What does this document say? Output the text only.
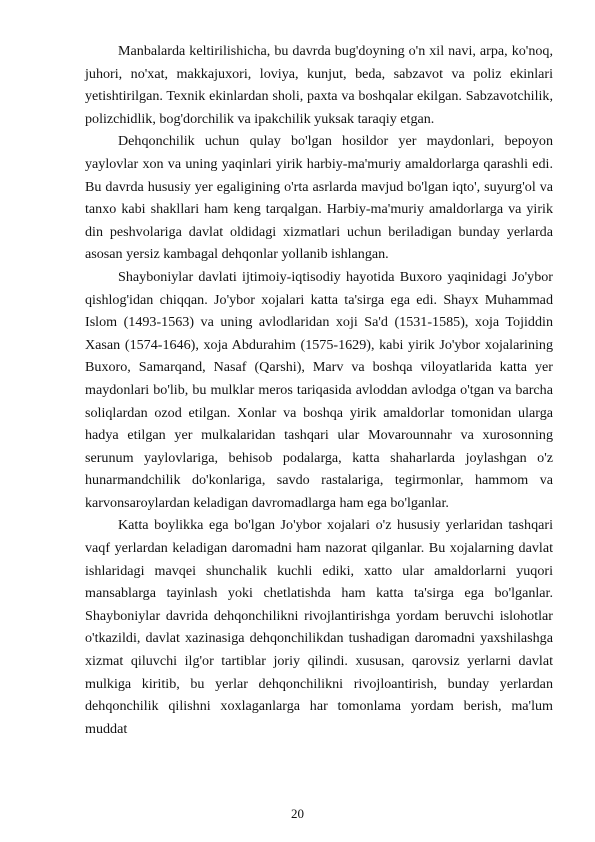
Manbalarda keltirilishicha, bu davrda bug'doyning o'n xil navi, arpa, ko'noq, juhori, no'xat, makkajuxori, loviya, kunjut, beda, sabzavot va poliz ekinlari yetishtirilgan. Texnik ekinlardan sholi, paxta va boshqalar ekilgan. Sabzavotchilik, polizchidlik, bog'dorchilik va ipakchilik yuksak taraqiy etgan.

Dehqonchilik uchun qulay bo'lgan hosildor yer maydonlari, bepoyon yaylovlar xon va uning yaqinlari yirik harbiy-ma'muriy amaldorlarga qarashli edi. Bu davrda hususiy yer egaligining o'rta asrlarda mavjud bo'lgan iqto', suyurg'ol va tanxo kabi shakllari ham keng tarqalgan. Harbiy-ma'muriy amaldorlarga va yirik din peshvolariga davlat oldidagi xizmatlari uchun beriladigan bunday yerlarda asosan yersiz kambagal dehqonlar yollanib ishlangan.

Shayboniylar davlati ijtimoiy-iqtisodiy hayotida Buxoro yaqinidagi Jo'ybor qishlog'idan chiqqan. Jo'ybor xojalari katta ta'sirga ega edi. Shayx Muhammad Islom (1493-1563) va uning avlodlaridan xoji Sa'd (1531-1585), xoja Tojiddin Xasan (1574-1646), xoja Abdurahim (1575-1629), kabi yirik Jo'ybor xojalarining Buxoro, Samarqand, Nasaf (Qarshi), Marv va boshqa viloyatlarida katta yer maydonlari bo'lib, bu mulklar meros tariqasida avloddan avlodga o'tgan va barcha soliqlardan ozod etilgan. Xonlar va boshqa yirik amaldorlar tomonidan ularga hadya etilgan yer mulkalaridan tashqari ular Movarounnahr va xurosonning serunum yaylovlariga, behisob podalarga, katta shaharlarda joylashgan o'z hunarmandchilik do'konlariga, savdo rastalariga, tegirmonlar, hammom va karvonsaroylardan keladigan davromadlarga ham ega bo'lganlar.

Katta boylikka ega bo'lgan Jo'ybor xojalari o'z hususiy yerlaridan tashqari vaqf yerlardan keladigan daromadni ham nazorat qilganlar. Bu xojalarning davlat ishlaridagi mavqei shunchalik kuchli ediki, xatto ular amaldorlarni yuqori mansablarga tayinlash yoki chetlatishda ham katta ta'sirga ega bo'lganlar. Shayboniylar davrida dehqonchilikni rivojlantirishga yordam beruvchi islohotlar o'tkazildi, davlat xazinasiga dehqonchilikdan tushadigan daromadni yaxshilashga xizmat qiluvchi ilg'or tartiblar joriy qilindi. xususan, qarovsiz yerlarni davlat mulkiga kiritib, bu yerlar dehqonchilikni rivojloantirish, bunday yerlardan dehqonchilik qilishni xoxlaganlarga har tomonlama yordam berish, ma'lum muddat

20
